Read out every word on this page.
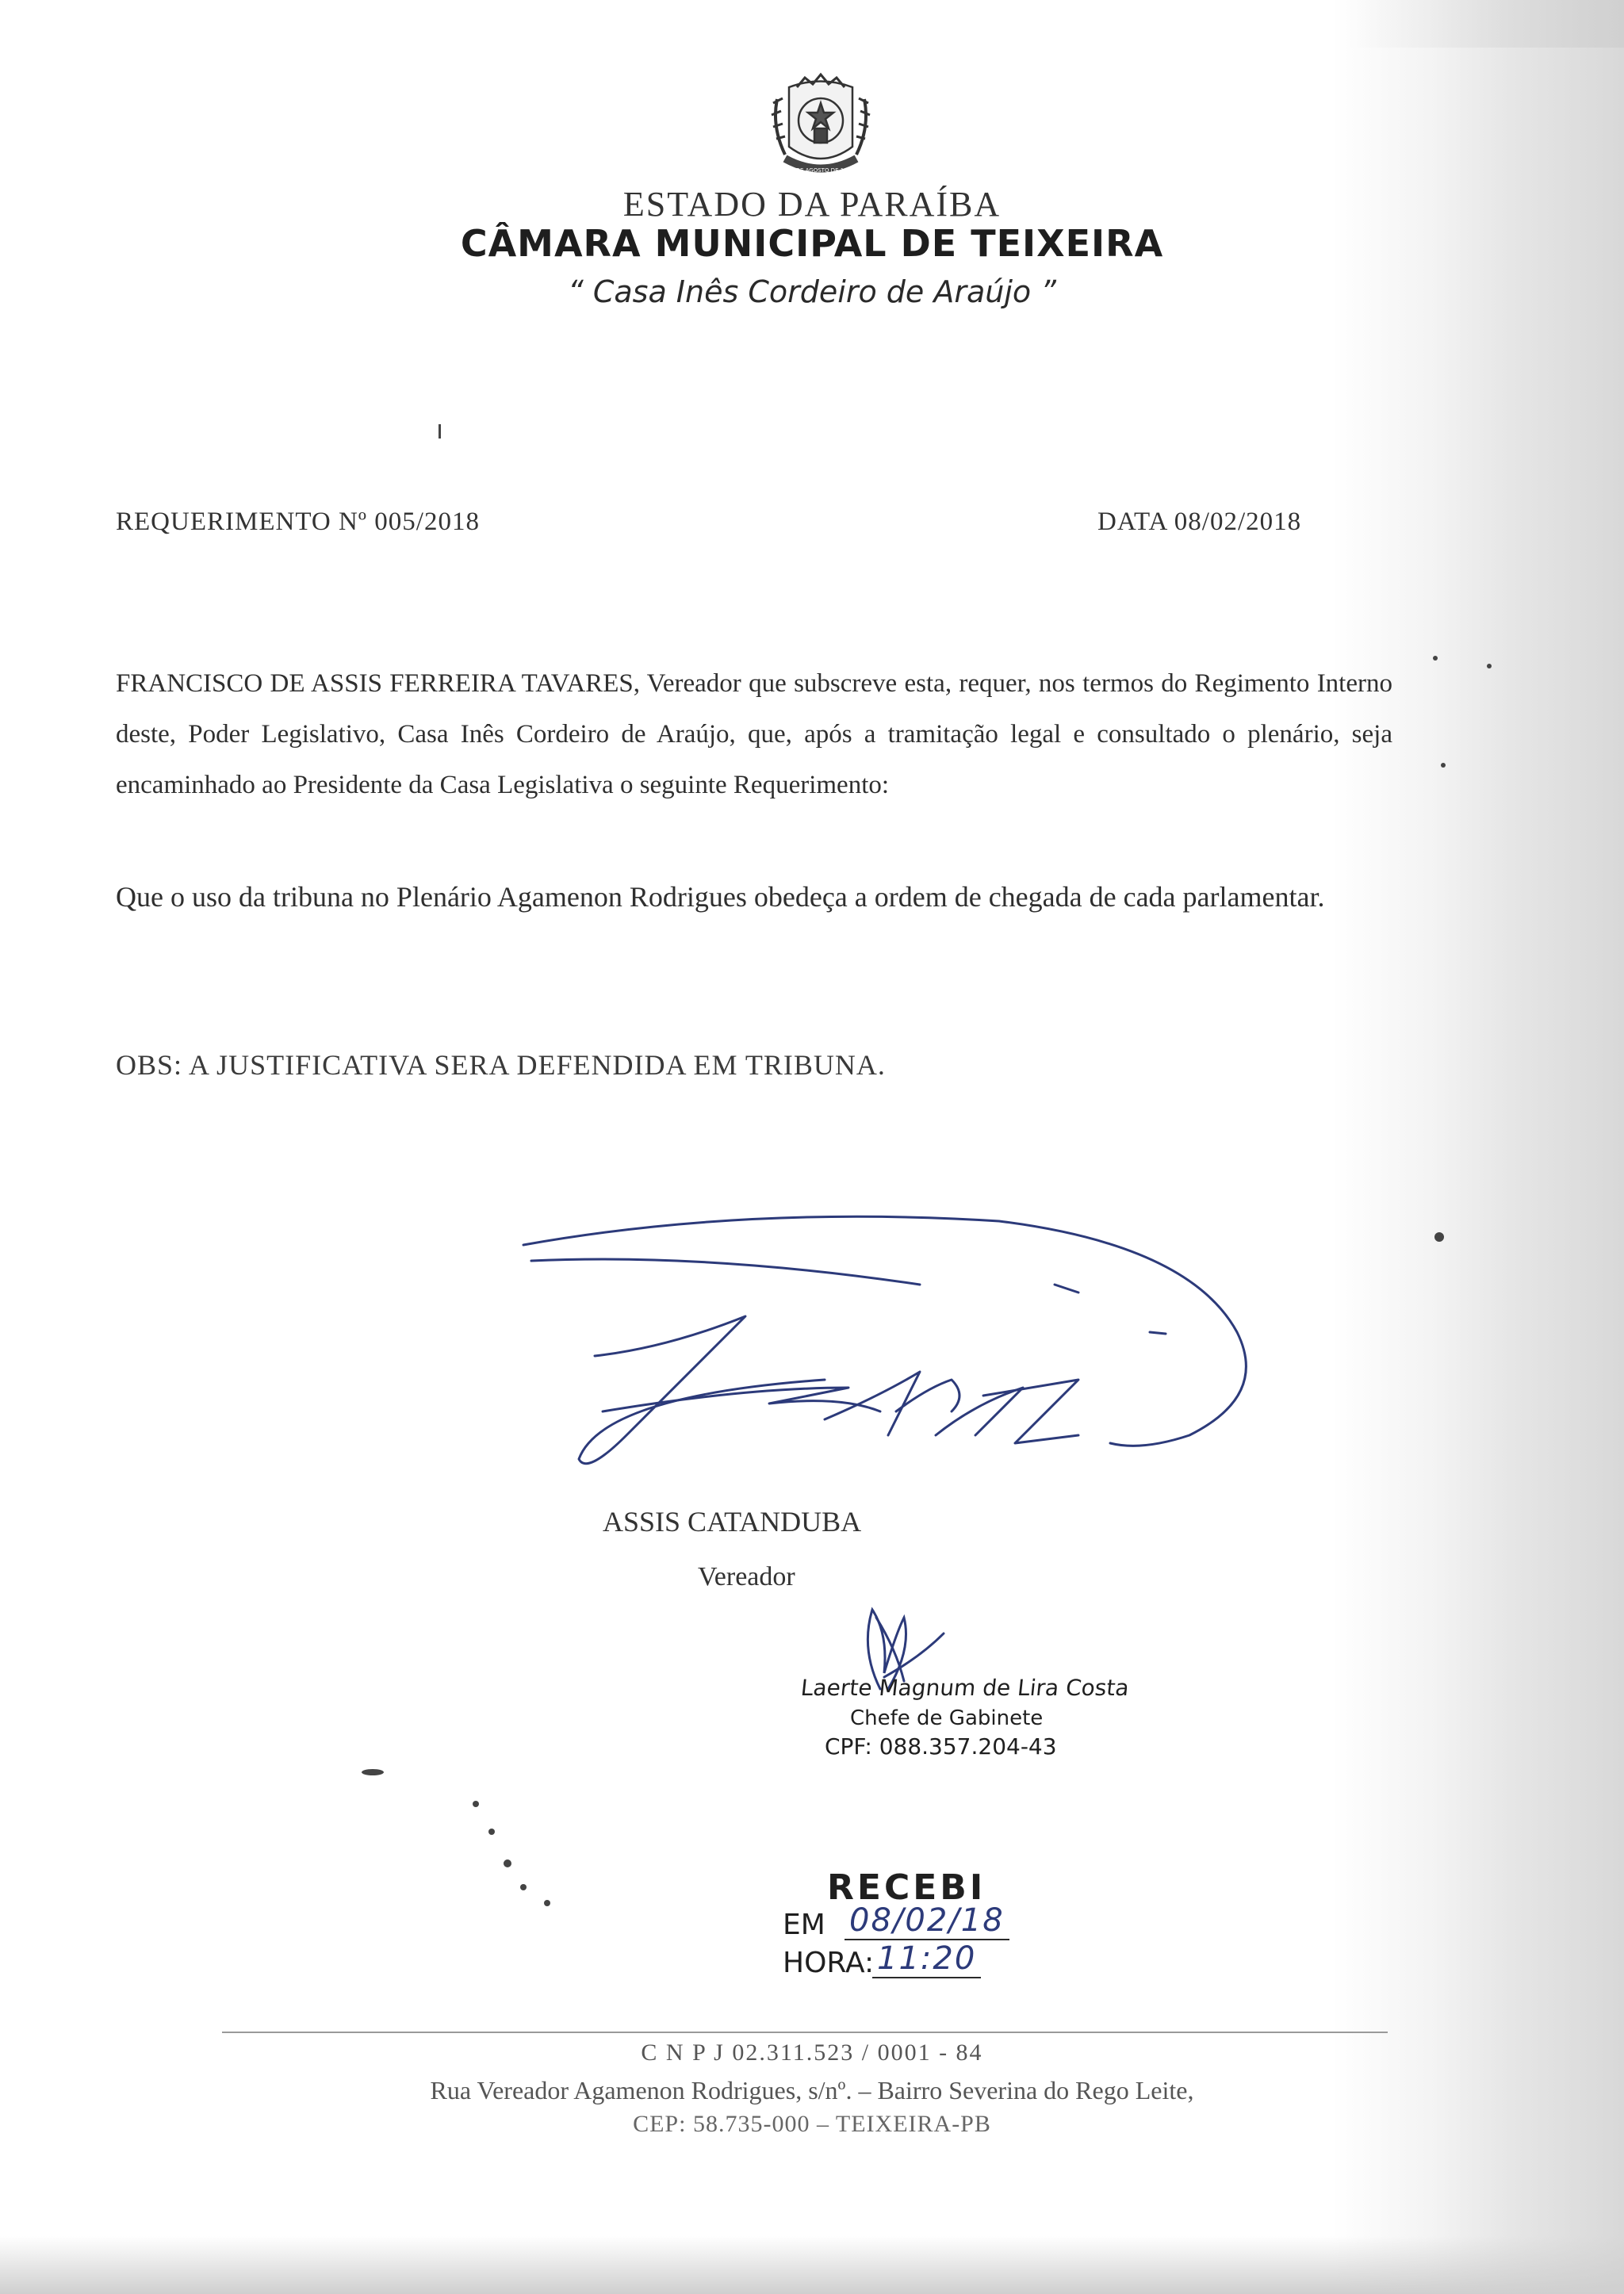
22 DE AGOSTO DE 1915
ESTADO DA PARAÍBA
CÂMARA MUNICIPAL DE TEIXEIRA
“ Casa Inês Cordeiro de Araújo ”
REQUERIMENTO Nº 005/2018	DATA 08/02/2018
FRANCISCO DE ASSIS FERREIRA TAVARES, Vereador que subscreve esta, requer, nos termos do Regimento Interno deste, Poder Legislativo, Casa Inês Cordeiro de Araújo, que, após a tramitação legal e consultado o plenário, seja encaminhado ao Presidente da Casa Legislativa o seguinte Requerimento:
Que o uso da tribuna no Plenário Agamenon Rodrigues obedeça a ordem de chegada de cada parlamentar.
OBS: A JUSTIFICATIVA SERA DEFENDIDA EM TRIBUNA.
ASSIS CATANDUBA
Vereador
Laerte Magnum de Lira Costa
Chefe de Gabinete
CPF: 088.357.204-43
RECEBI
EM 08/02/18
HORA: 11:20
C N P J 02.311.523 / 0001 - 84
Rua Vereador Agamenon Rodrigues, s/nº. – Bairro Severina do Rego Leite,
CEP: 58.735-000 – TEIXEIRA-PB
